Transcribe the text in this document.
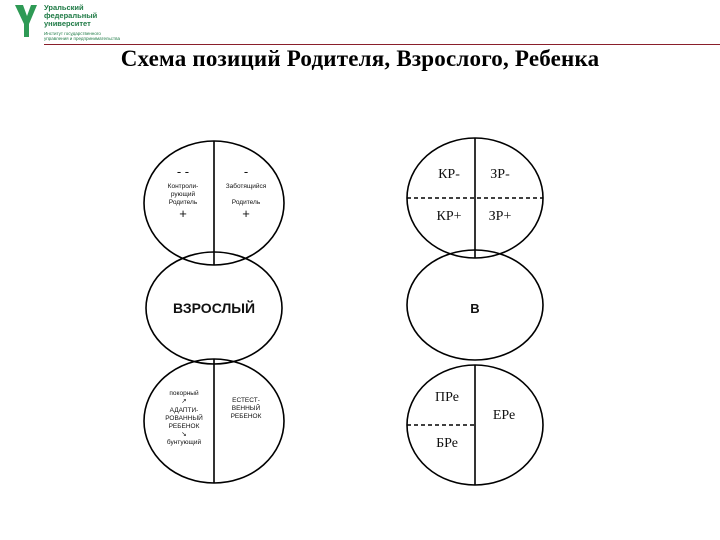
Уральский
федеральный
университет
Институт государственного
управления и предпринимательства
Схема позиций Родителя, Взрослого, Ребенка
- -
Контроли-
рующий
Родитель
+
-
Заботящийся
Родитель
+
ВЗРОСЛЫЙ
покорный
↗
АДАПТИ-
РОВАННЫЙ
РЕБЕНОК
↘
бунтующий
ЕСТЕСТ-
ВЕННЫЙ
РЕБЕНОК
КР- ЗР-
КР+ ЗР+
В
ПРе
БРе
ЕРе
